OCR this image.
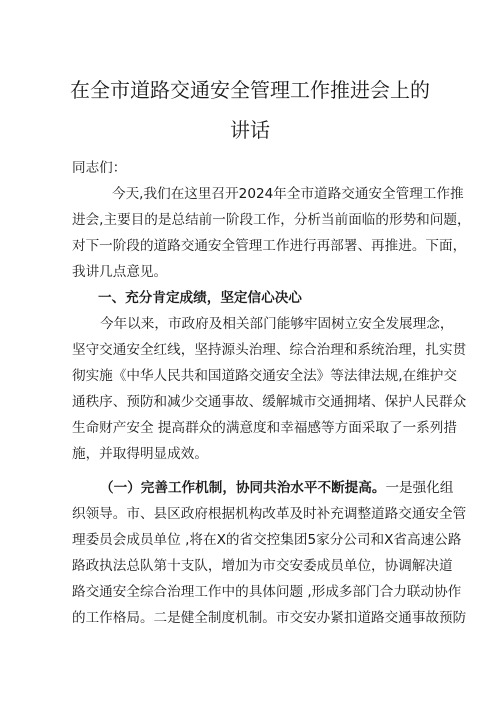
在全市道路交通安全管理工作推进会上的
讲话

同志们：

今天,我们在这里召开2024年全市道路交通安全管理工作推

进会,主要目的是总结前一阶段工作，分析当前面临的形势和问题，

对下一阶段的道路交通安全管理工作进行再部署、再推进。下面，

我讲几点意见。

一、充分肯定成绩，坚定信心决心

今年以来，市政府及相关部门能够牢固树立安全发展理念，

坚守交通安全红线，坚持源头治理、综合治理和系统治理，扎实贯

彻实施《中华人民共和国道路交通安全法》等法律法规,在维护交

通秩序、预防和减少交通事故、缓解城市交通拥堵、保护人民群众

生命财产安全 提高群众的满意度和幸福感等方面采取了一系列措

施，并取得明显成效。

（一）完善工作机制，协同共治水平不断提高。一是强化组

织领导。市、县区政府根据机构改革及时补充调整道路交通安全管

理委员会成员单位 ,将在X的省交控集团5家分公司和X省高速公路

路政执法总队第十支队，增加为市交安委成员单位，协调解决道

路交通安全综合治理工作中的具体问题 ,形成多部门合力联动协作

的工作格局。二是健全制度机制。市交安办紧扣道路交通事故预防
